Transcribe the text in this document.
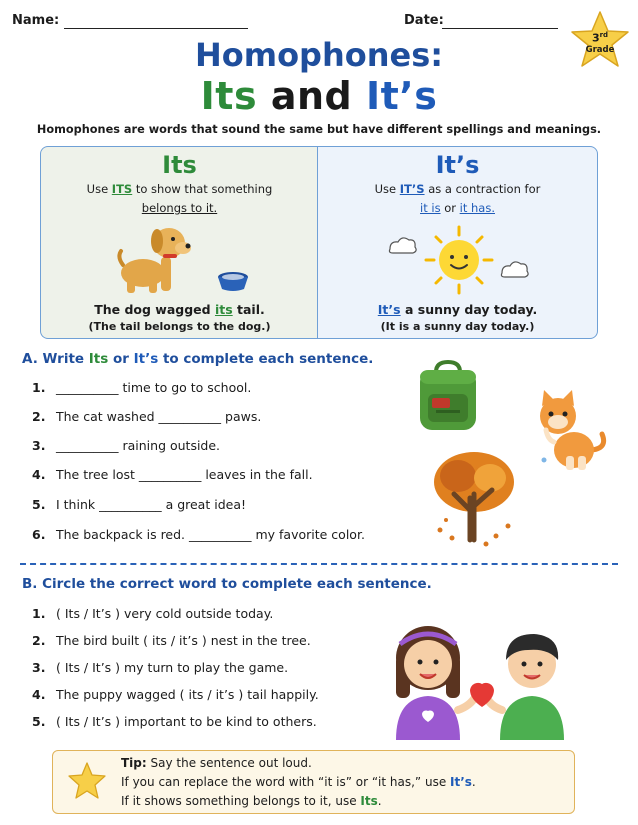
Name:	Date:
3rd
Grade
Homophones:
Its and It’s
Homophones are words that sound the same but have different spellings and meanings.
Its
Use ITS to show that something
belongs to it.
The dog wagged its tail.
(The tail belongs to the dog.)
It’s
Use IT’S as a contraction for
it is or it has.
It’s a sunny day today.
(It is a sunny day today.)
A. Write Its or It’s to complete each sentence.
1. __________ time to go to school.
2. The cat washed __________ paws.
3. __________ raining outside.
4. The tree lost __________ leaves in the fall.
5. I think __________ a great idea!
6. The backpack is red. __________ my favorite color.
B. Circle the correct word to complete each sentence.
1. ( Its / It’s ) very cold outside today.
2. The bird built ( its / it’s ) nest in the tree.
3. ( Its / It’s ) my turn to play the game.
4. The puppy wagged ( its / it’s ) tail happily.
5. ( Its / It’s ) important to be kind to others.
Tip: Say the sentence out loud.
If you can replace the word with “it is” or “it has,” use It’s.
If it shows something belongs to it, use Its.
